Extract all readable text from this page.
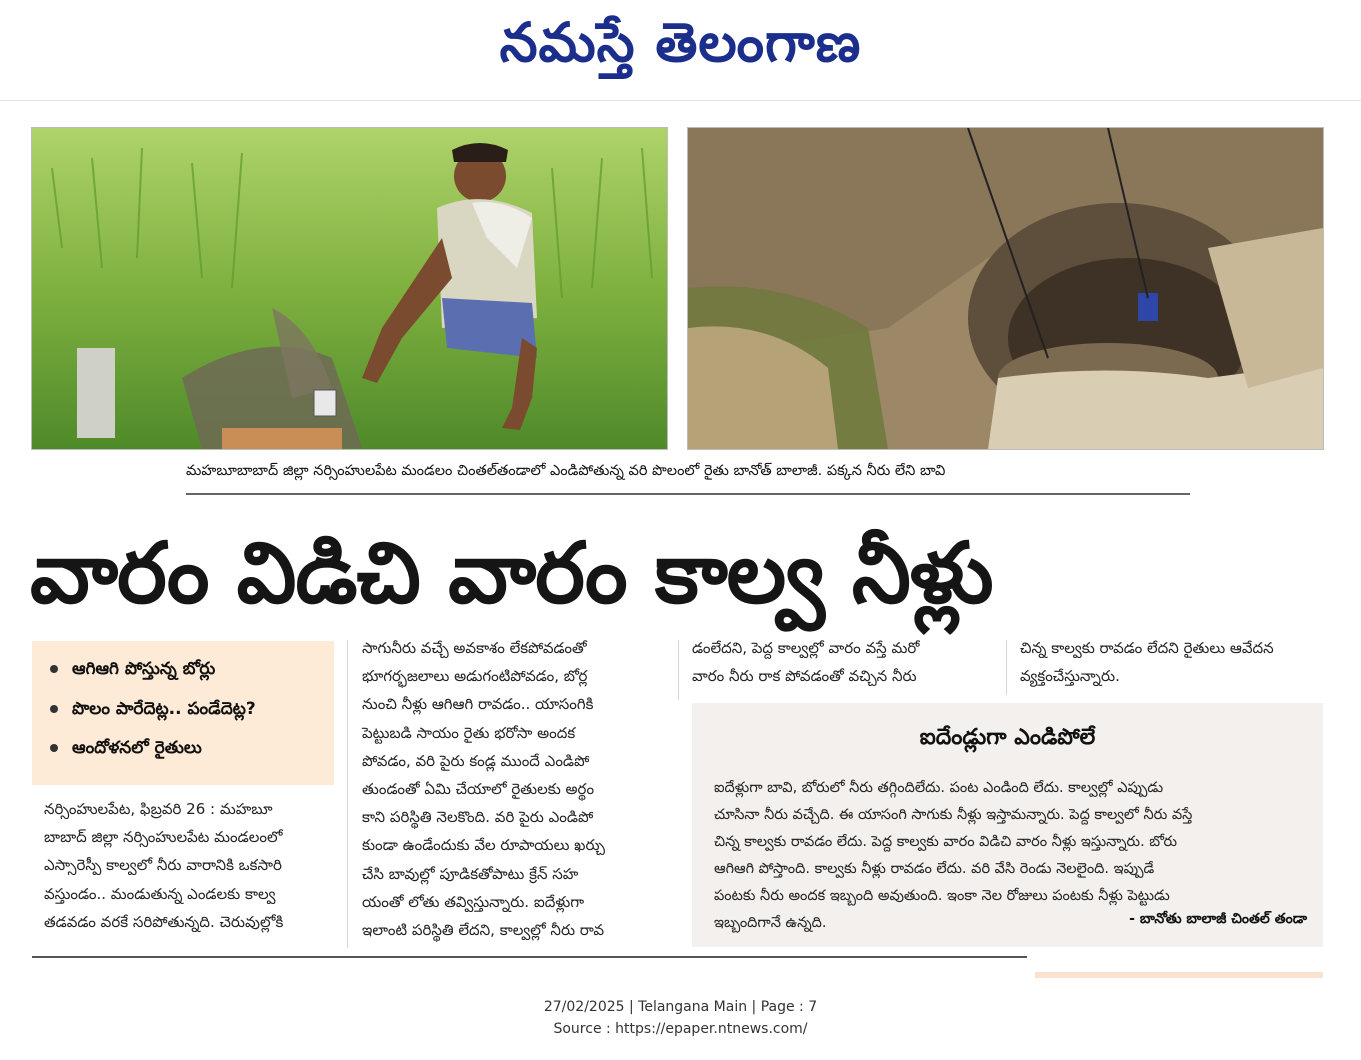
నమస్తే తెలంగాణ
మహబూబాబాద్ జిల్లా నర్సింహులపేట మండలం చింతల్‌తండాలో ఎండిపోతున్న వరి పొలంలో రైతు బానోత్ బాలాజీ. పక్కన నీరు లేని బావి
వారం విడిచి వారం కాల్వ నీళ్లు
ఆగిఆగి పోస్తున్న బోర్లు
పొలం పారేదెట్ల.. పండేదెట్ల?
ఆందోళనలో రైతులు
నర్సింహులపేట, ఫిబ్రవరి 26 : మహబూ
బాబాద్ జిల్లా నర్సింహులపేట మండలంలో
ఎస్సారెస్పీ కాల్వలో నీరు వారానికి ఒకసారి
వస్తుండం.. మండుతున్న ఎండలకు కాల్వ
తడవడం వరకే సరిపోతున్నది. చెరువుల్లోకి
సాగునీరు వచ్చే అవకాశం లేకపోవడంతో
భూగర్భజలాలు అడుగంటిపోవడం, బోర్ల
నుంచి నీళ్లు ఆగిఆగి రావడం.. యాసంగికి
పెట్టుబడి సాయం రైతు భరోసా అందక
పోవడం, వరి పైరు కండ్ల ముందే ఎండిపో
తుండంతో ఏమి చేయాలో రైతులకు అర్థం
కాని పరిస్థితి నెలకొంది. వరి పైరు ఎండిపో
కుండా ఉండేందుకు వేల రూపాయలు ఖర్చు
చేసి బావుల్లో పూడికతోపాటు క్రేన్ సహ
యంతో లోతు తవ్విస్తున్నారు. ఐదేళ్లుగా
ఇలాంటి పరిస్థితి లేదని, కాల్వల్లో నీరు రావ
డంలేదని, పెద్ద కాల్వల్లో వారం వస్తే మరో
వారం నీరు రాక పోవడంతో వచ్చిన నీరు
చిన్న కాల్వకు రావడం లేదని రైతులు ఆవేదన
వ్యక్తంచేస్తున్నారు.
ఐదేండ్లుగా ఎండిపోలే
ఐదేళ్లుగా బావి, బోరులో నీరు తగ్గిందిలేదు. పంట ఎండింది లేదు. కాల్వల్లో ఎప్పుడు
చూసినా నీరు వచ్చేది. ఈ యాసంగి సాగుకు నీళ్లు ఇస్తామన్నారు. పెద్ద కాల్వలో నీరు వస్తే
చిన్న కాల్వకు రావడం లేదు. పెద్ద కాల్వకు వారం విడిచి వారం నీళ్లు ఇస్తున్నారు. బోరు
ఆగిఆగి పోస్తాంది. కాల్వకు నీళ్లు రావడం లేదు. వరి వేసి రెండు నెలలైంది. ఇప్పుడే
పంటకు నీరు అందక ఇబ్బంది అవుతుంది. ఇంకా నెల రోజులు పంటకు నీళ్లు పెట్టుడు
ఇబ్బందిగానే ఉన్నది.	- బానోతు బాలాజీ చింతల్ తండా
27/02/2025 | Telangana Main | Page : 7
Source : https://epaper.ntnews.com/
